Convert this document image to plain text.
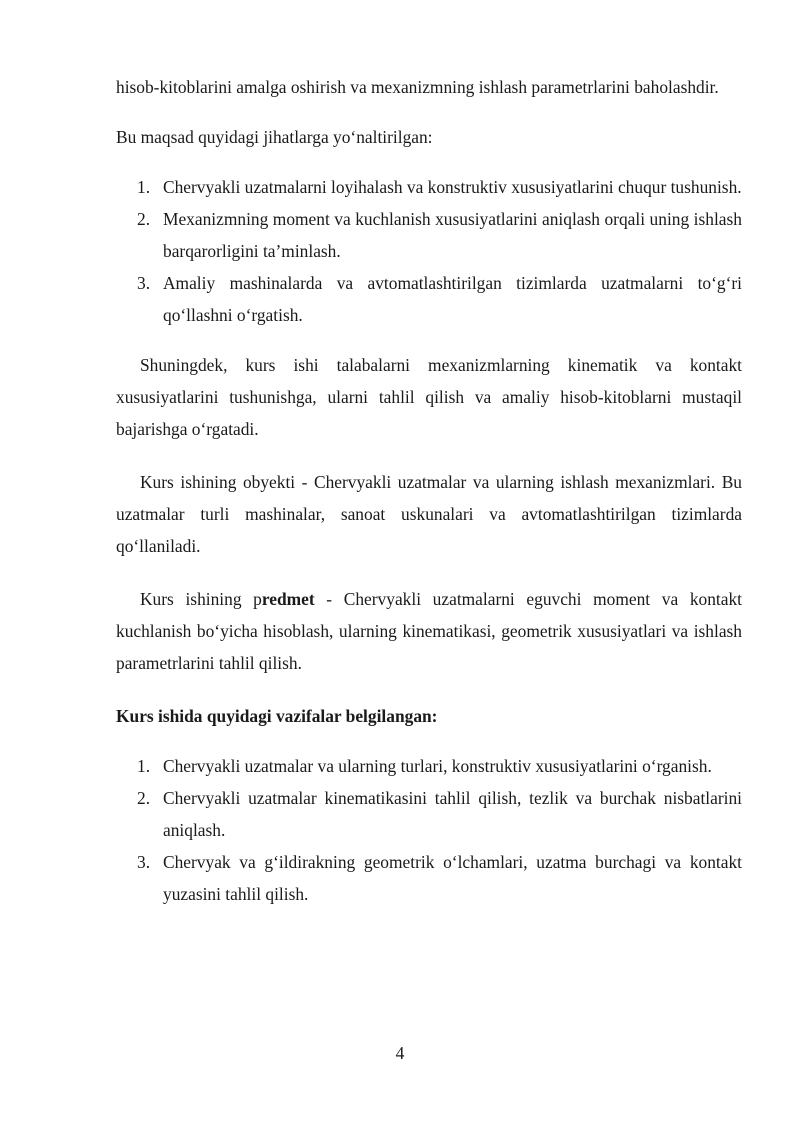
hisob-kitoblarini amalga oshirish va mexanizmning ishlash parametrlarini baholashdir.

Bu maqsad quyidagi jihatlarga yo‘naltirilgan:

1. Chervyakli uzatmalarni loyihalash va konstruktiv xususiyatlarini chuqur tushunish.
2. Mexanizmning moment va kuchlanish xususiyatlarini aniqlash orqali uning ishlash barqarorligini ta’minlash.
3. Amaliy mashinalarda va avtomatlashtirilgan tizimlarda uzatmalarni to‘g‘ri qo‘llashni o‘rgatish.

Shuningdek, kurs ishi talabalarni mexanizmlarning kinematik va kontakt xususiyatlarini tushunishga, ularni tahlil qilish va amaliy hisob-kitoblarni mustaqil bajarishga o‘rgatadi.

Kurs ishining obyekti - Chervyakli uzatmalar va ularning ishlash mexanizmlari. Bu uzatmalar turli mashinalar, sanoat uskunalari va avtomatlashtirilgan tizimlarda qo‘llaniladi.

Kurs ishining predmet - Chervyakli uzatmalarni eguvchi moment va kontakt kuchlanish bo‘yicha hisoblash, ularning kinematikasi, geometrik xususiyatlari va ishlash parametrlarini tahlil qilish.

Kurs ishida quyidagi vazifalar belgilangan:

1. Chervyakli uzatmalar va ularning turlari, konstruktiv xususiyatlarini o‘rganish.
2. Chervyakli uzatmalar kinematikasini tahlil qilish, tezlik va burchak nisbatlarini aniqlash.
3. Chervyak va g‘ildirakning geometrik o‘lchamlari, uzatma burchagi va kontakt yuzasini tahlil qilish.
4
